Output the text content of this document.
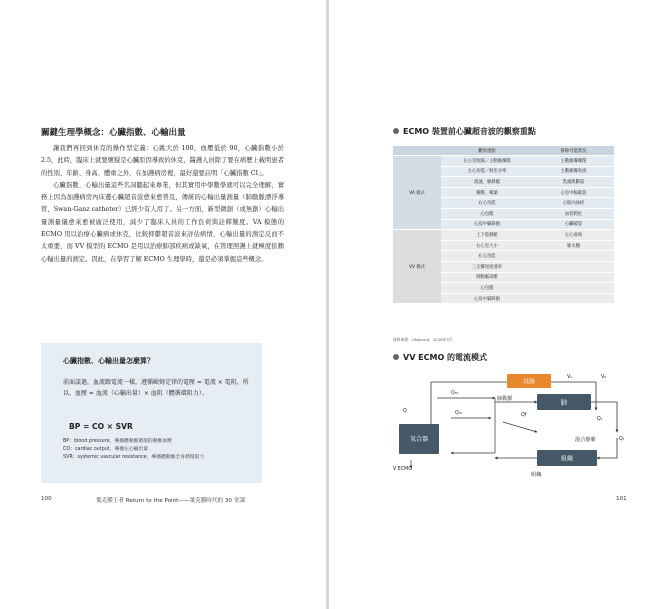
關鍵生理學概念：心臟指數、心輸出量

讓我們再回到休克的操作型定義：心跳大於 100，血壓低於 90，心臟指數小於 2.5，此時，臨床上就要懷疑是心臟原因導致的休克，醫護人員除了要在病歷上載明患者的性別、年齡、身高、體重之外，在加護病房裡，最好還要註明「心臟指數 CI」。

心臟指數、心輸出量這些名詞聽起來專業，但其實用中學數學就可以完全理解，實務上因為加護病房內床邊心臟超音波愈來愈普及，傳統的心輸出量測量（肺動脈漂浮導管，Swan-Ganz catheter）已經少有人用了。另一方面，新型微創（或無創）心輸出量測量儀愈來愈被廣泛使用，減少了臨床人員的工作負荷與詮釋難度。VA 模態的 ECMO 用以治療心臟病或休克，比較抑鬱超音波來評估病情，心輸出量的測定反而不太重要，而 VV 模型的 ECMO 是用以治療肺部疾病或缺氧，在管理照護上就極度依賴心輸出量的測定。因此，在學習了解 ECMO 生理學時，還是必須掌握這些概念。

心臟指數、心輸出量怎麼算？
前面談過，血流跟電流一樣，遵循歐姆定律的電壓 = 電流 × 電阻，所以，血壓 = 血流（心輸出量）× 血阻（體循環阻力）。
BP = CO × SVR
BP：blood pressure，導播體動脈循環的動脈血壓
CO：cardiac output，導播左心輸出量
SVR：systemic vascular resistance，導播體動脈全身循環阻力
100	葉克膜王者 Return to the Point——葉克膜時代的 30 堂課
ECMO 裝置前心臟超音波的觀察重點
	觀察重點	排除可能狀況
VA 模式	左心室收縮／主動脈瓣膜	主動脈瓣關閉
	左心功能／射出分率	主動脈瓣逆流
	流速、肺靜脈	乳頭肌斷裂
	瓣膜、瓣葉	心室中膈破裂
	右心功能	心肌內血栓
	心包膜	血管鈣化
	心房中膈缺損	心臟破裂
VV 模式	上下腔靜脈	左心衰竭
	右心室大小	肺水腫
	右心功能	
	三尖瓣逆流速率	
	肺動脈高壓	
	心包膜	
	心房中膈缺損	
資料來源：UNplusuf，2018年5月
VV ECMO 的電流模式
其餘
肺
組織
氧合器
肺動脈
混合靜脈
組織
V ECMO
V₀
Vₛ
Q
Q₀ₜ
Q₀ₜ
Qₛ
Qf
Qₜ
101
